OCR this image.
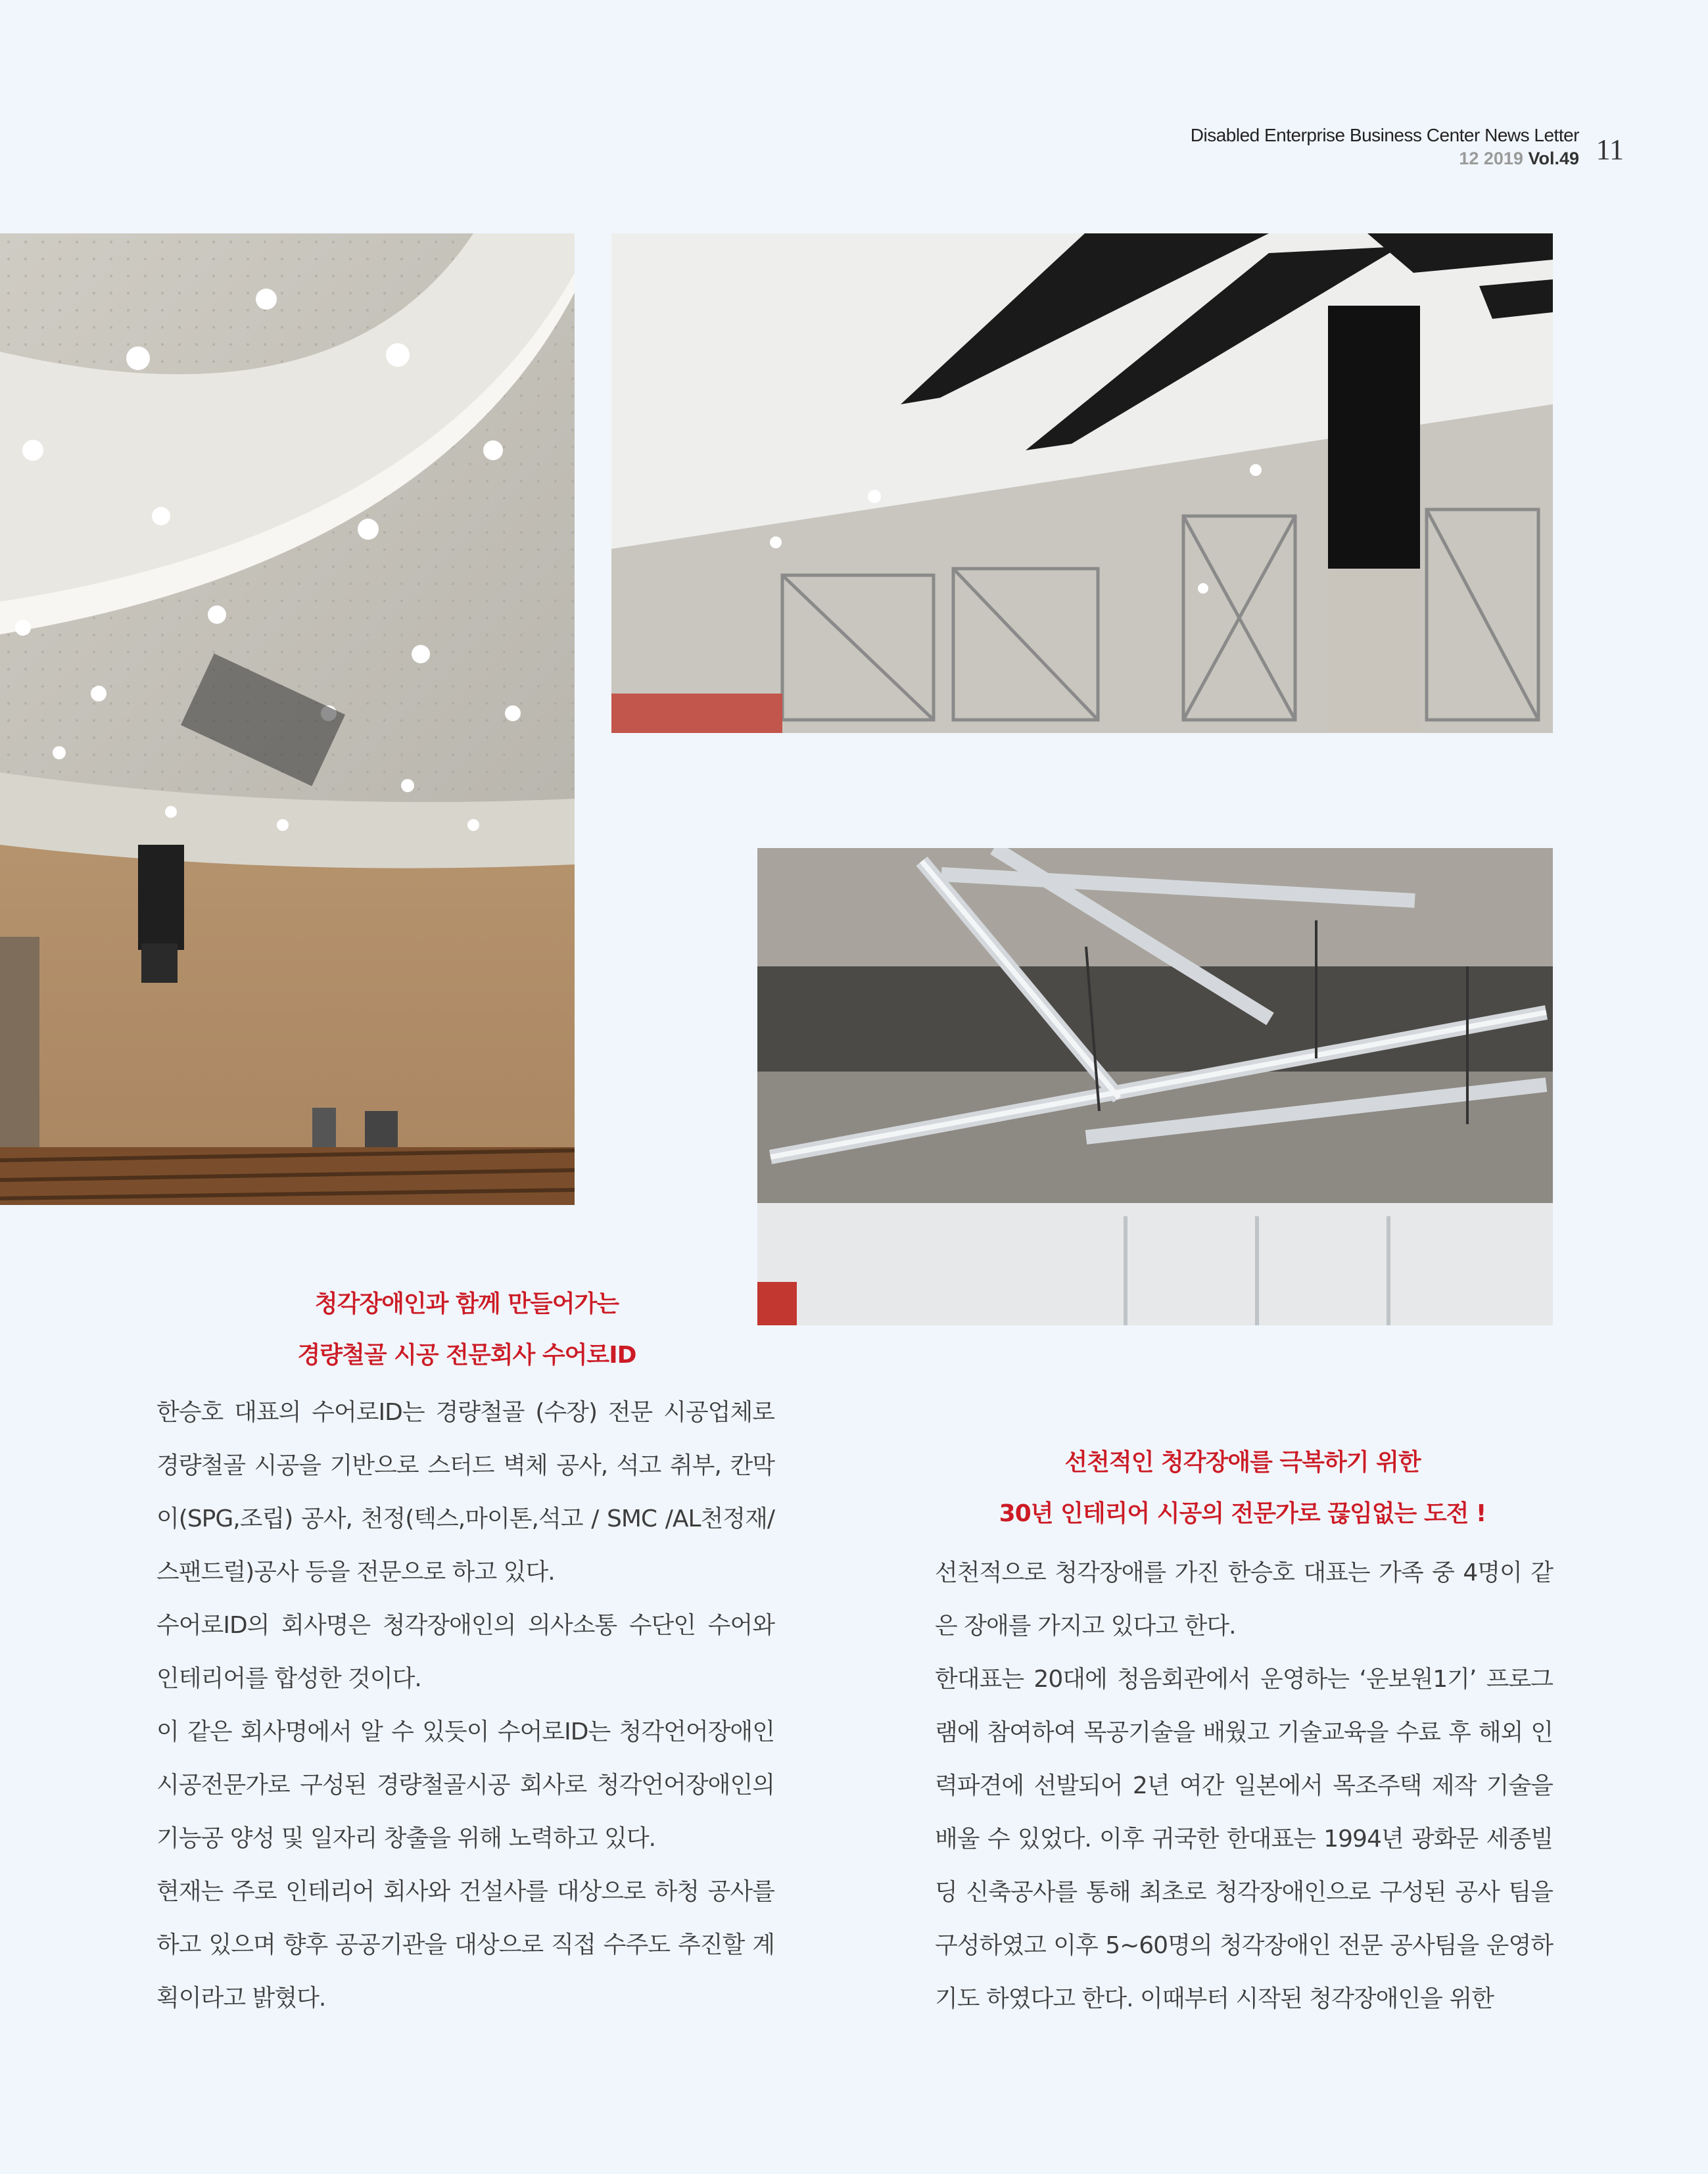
Disabled Enterprise Business Center News Letter
12 2019 Vol.49 11
청각장애인과 함께 만들어가는
경량철골 시공 전문회사 수어로ID

한승호 대표의 수어로ID는 경량철골 (수장) 전문 시공업체로 경량철골 시공을 기반으로 스터드 벽체 공사, 석고 취부, 칸막이(SPG,조립) 공사, 천정(텍스,마이톤,석고 / SMC /AL천정재/스팬드럴)공사 등을 전문으로 하고 있다.

수어로ID의 회사명은 청각장애인의 의사소통 수단인 수어와 인테리어를 합성한 것이다.

이 같은 회사명에서 알 수 있듯이 수어로ID는 청각언어장애인 시공전문가로 구성된 경량철골시공 회사로 청각언어장애인의 기능공 양성 및 일자리 창출을 위해 노력하고 있다.

현재는 주로 인테리어 회사와 건설사를 대상으로 하청 공사를 하고 있으며 향후 공공기관을 대상으로 직접 수주도 추진할 계획이라고 밝혔다.

선천적인 청각장애를 극복하기 위한
30년 인테리어 시공의 전문가로 끊임없는 도전 !

선천적으로 청각장애를 가진 한승호 대표는 가족 중 4명이 같은 장애를 가지고 있다고 한다.

한대표는 20대에 청음회관에서 운영하는 ‘운보원1기’ 프로그램에 참여하여 목공기술을 배웠고 기술교육을 수료 후 해외 인력파견에 선발되어 2년 여간 일본에서 목조주택 제작 기술을 배울 수 있었다. 이후 귀국한 한대표는 1994년 광화문 세종빌딩 신축공사를 통해 최초로 청각장애인으로 구성된 공사 팀을 구성하였고 이후 5~60명의 청각장애인 전문 공사팀을 운영하기도 하였다고 한다. 이때부터 시작된 청각장애인을 위한
